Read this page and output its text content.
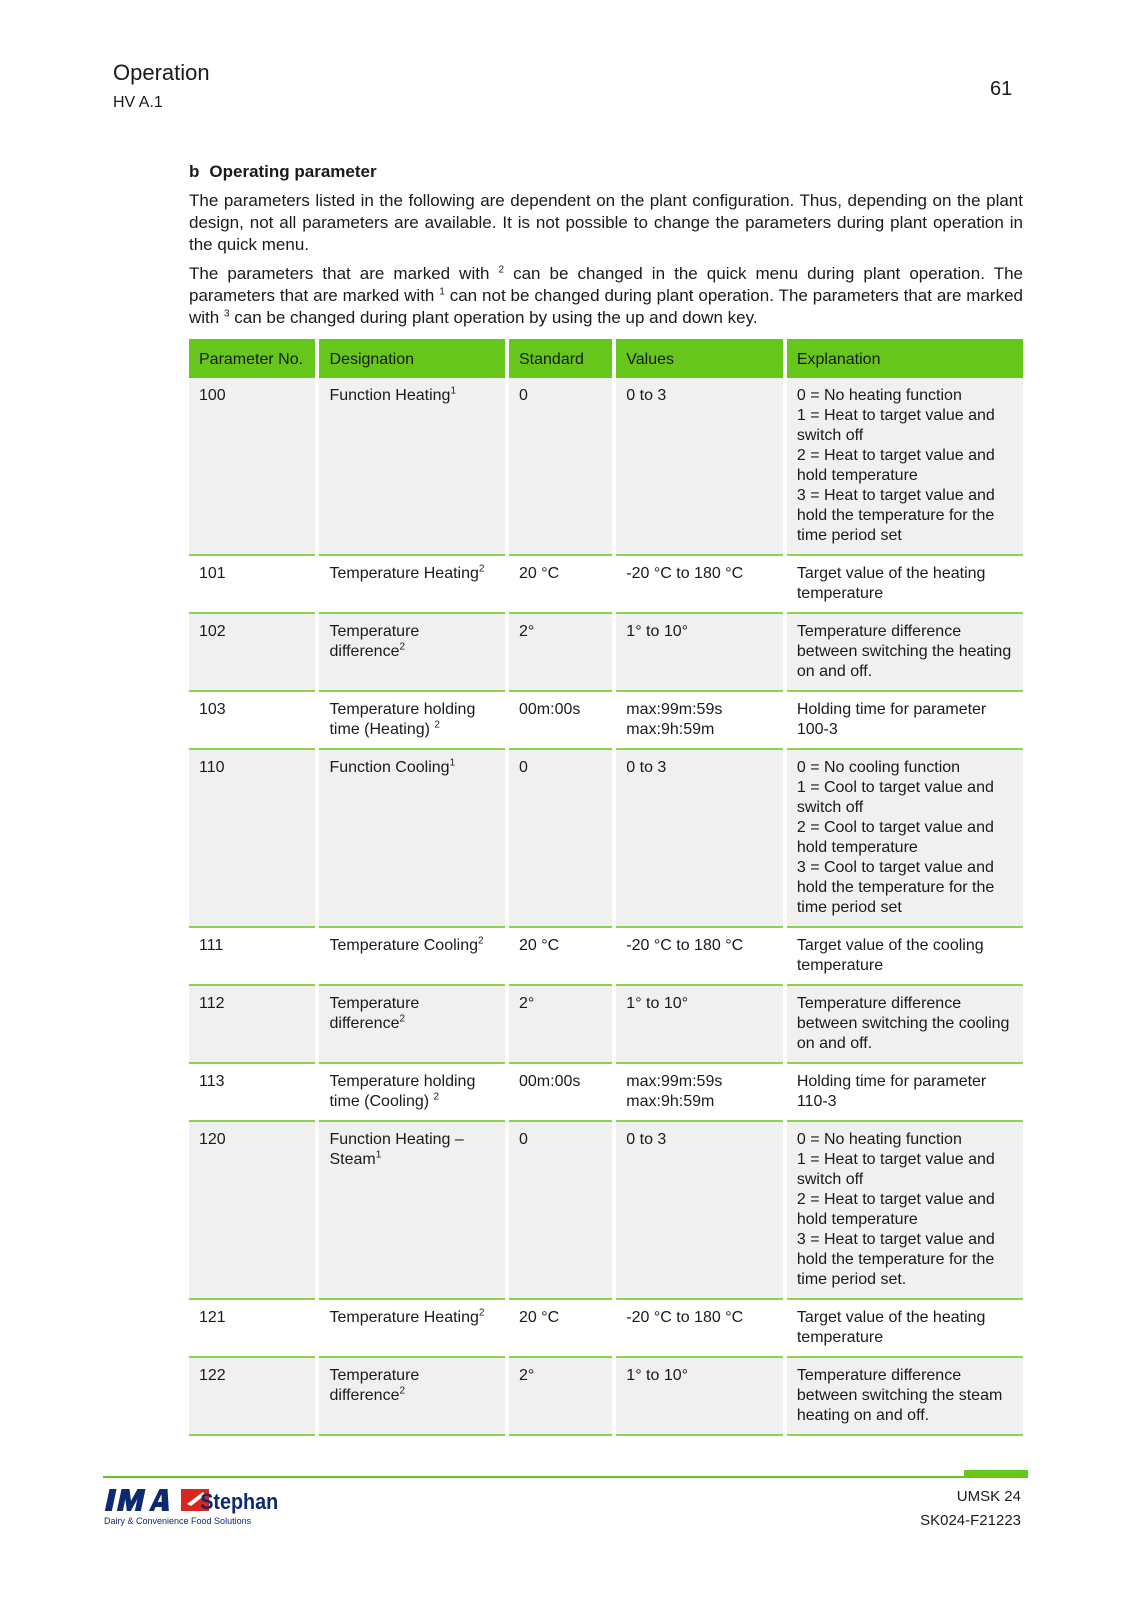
Operation
HV A.1
61
b Operating parameter

The parameters listed in the following are dependent on the plant configuration. Thus, depending on the plant design, not all parameters are available. It is not possible to change the parameters during plant operation in the quick menu.

The parameters that are marked with $^2$ can be changed in the quick menu during plant operation. The parameters that are marked with $^1$ can not be changed during plant operation. The parameters that are marked with $^3$ can be changed during plant operation by using the up and down key.

Parameter No.	Designation	Standard	Values	Explanation
100	Function Heating$^1$	0	0 to 3	0 = No heating function
1 = Heat to target value and switch off
2 = Heat to target value and hold temperature
3 = Heat to target value and hold the temperature for the time period set

101	Temperature Heating$^2$	20 °C	-20 °C to 180 °C	Target value of the heating temperature

102	Temperature difference$^2$	2°	1° to 10°	Temperature difference between switching the heating on and off.

103	Temperature holding time (Heating) $^2$	00m:00s	max:99m:59s max:9h:59m	Holding time for parameter 100-3

110	Function Cooling$^1$	0	0 to 3	0 = No cooling function
1 = Cool to target value and switch off
2 = Cool to target value and hold temperature
3 = Cool to target value and hold the temperature for the time period set

111	Temperature Cooling$^2$	20 °C	-20 °C to 180 °C	Target value of the cooling temperature

112	Temperature difference$^2$	2°	1° to 10°	Temperature difference between switching the cooling on and off.

113	Temperature holding time (Cooling) $^2$	00m:00s	max:99m:59s max:9h:59m	Holding time for parameter 110-3

120	Function Heating – Steam$^1$	0	0 to 3	0 = No heating function
1 = Heat to target value and switch off
2 = Heat to target value and hold temperature
3 = Heat to target value and hold the temperature for the time period set.

121	Temperature Heating$^2$	20 °C	-20 °C to 180 °C	Target value of the heating temperature

122	Temperature difference$^2$	2°	1° to 10°	Temperature difference between switching the steam heating on and off.
Stephan
Dairy & Convenience Food Solutions
UMSK 24
SK024-F21223
